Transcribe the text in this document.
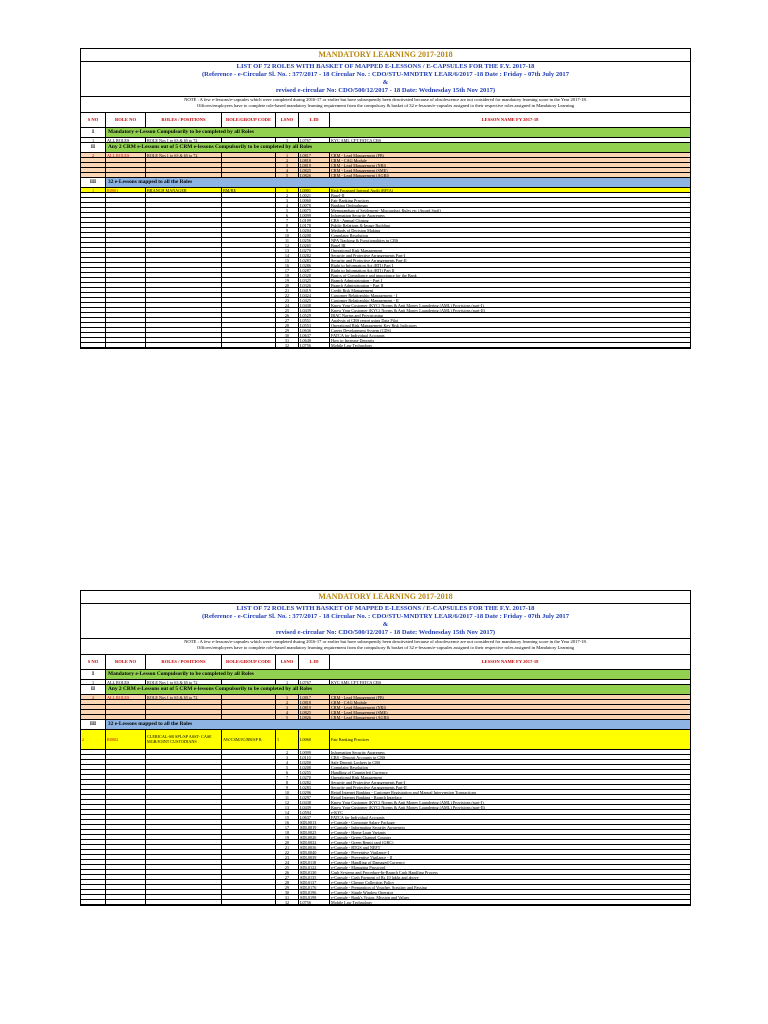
MANDATORY LEARNING 2017-2018
LIST OF 72 ROLES WITH BASKET OF MAPPED E-LESSONS / E-CAPSULES FOR THE F.Y. 2017-18
(Reference - e-Circular Sl. No. : 377/2017 - 18 Circular No. : CDO/STU-MNDTRY LEAR/6/2017 -18 Date : Friday - 07th July 2017
&
revised e-circular No: CDO/500/12/2017 - 18 Date: Wednesday 15th Nov 2017)
NOTE : A few e-lessons/e-capsules which were completed during 2016-17 or earlier but have subsequently been deactivated because of obsolescence are not considered for mandatory learning score in the Year 2017-18.
Officers/employees have to complete role-based mandatory learning requirement from the compulsory & basket of 32 e-lessons/e-capsules assigned to their respective roles assigned in Mandatory Learning
S NO	ROLE NO	ROLES / POSITIONS	ROLE/GROUP CODE	LSNO	L ID	LESSON NAME FY 2017-18
I	Mandatory e-Lesson Compulsorily to be completed by all Roles
1	ALL ROLES	ROLE Nos 1 to 63 & 65 to 72	1	L0767	KYC AML CFT FATCA CRS
II	Any 2 CRM e-Lessons out of 5 CRM e-lessons Compulsorily to be completed by all Roles
2	ALL ROLES	ROLE Nos 1 to 63 & 65 to 72	1	L0817	CRM - Lead Management (PB)
2	L0818	CRM - CAG Module
3	L0819	CRM - Lead Management (NRI)
4	L0825	CRM - Lead Management (SME)
5	L0826	CRM - Lead Management (AGRI)
III	32 e-Lessons mapped to all the Roles
1	R0001	BRANCH MANAGER	BM/BE	1	L0001	Risk Focussed Internal Audit (RFIA)
2	L0021	Basel-II
3	L0060	Fair Banking Practices
4	L0070	Banking Ombudsman
5	L0075	Memorandum of Settlement- Misconduct Rules etc (Award Staff)
6	L0099	Information Security Awareness
7	L0109	CBS - Annual Closing
8	L0178	Public Relations & Image Building
9	L0204	Methods of Decision Making
10	L0208	Complaint Resolution
11	L0256	NPA Tracking & Functionalities in CBS
12	L0265	Basel III
13	L0270	Operational Risk Management
14	L0282	Security and Protective Arrangements Part-I
15	L0283	Security and Protective Arrangements Part-II
16	L0286	Right to Information Act (RTI) Part I
17	L0287	Right to Information Act (RTI) Part II
18	L0320	Basics of Compliance and importance for the Bank
19	L0325	Branch Administration - Part I
20	L0326	Branch Administration - Part II
21	L0419	Credit Risk Management
22	L0424	Customer Relationship Management - I
23	L0425	Customer Relationship Management - II
24	L0438	Know Your Customer (KYC) Norms & Anti Money Laundering (AML) Provisions (part-I)
25	L0439	Know Your Customer (KYC) Norms & Anti Money Laundering (AML) Provisions (part-II)
26	L0529	IRAC Norms and Provisioning
27	L0551	Analysis of CBS report using Data Pilot
28	L0553	Operational Risk Management Key Risk Indicators
29	L0636	Career Development System (CDS)
30	L0637	FATCA for Individual Accounts
31	L0648	How to Increase Deposits
32	L0756	Mobile Law Technology
MANDATORY LEARNING 2017-2018
LIST OF 72 ROLES WITH BASKET OF MAPPED E-LESSONS / E-CAPSULES FOR THE F.Y. 2017-18
(Reference - e-Circular Sl. No. : 377/2017 - 18 Circular No. : CDO/STU-MNDTRY LEAR/6/2017 -18 Date : Friday - 07th July 2017
&
revised e-circular No: CDO/500/12/2017 - 18 Date: Wednesday 15th Nov 2017)
NOTE : A few e-lessons/e-capsules which were completed during 2016-17 or earlier but have subsequently been deactivated because of obsolescence are not considered for mandatory learning score in the Year 2017-18.
Officers/employees have to complete role-based mandatory learning requirement from the compulsory & basket of 32 e-lessons/e-capsules assigned to their respective roles assigned in Mandatory Learning
S NO	ROLE NO	ROLES / POSITIONS	ROLE/GROUP CODE	LSNO	L ID	LESSON NAME FY 2017-18
I	Mandatory e-Lesson Compulsorily to be completed by all Roles
1	ALL ROLES	ROLE Nos 1 to 63 & 65 to 72	1	L0767	KYC AML CFT FATCA CRS
II	Any 2 CRM e-Lessons out of 5 CRM e-lessons Compulsorily to be completed by all Roles
2	ALL ROLES	ROLE Nos 1 to 63 & 65 to 72	1	L0817	CRM - Lead Management (PB)
2	L0818	CRM - CAG Module
3	L0819	CRM - Lead Management (NRI)
4	L0825	CRM - Lead Management (SME)
5	L0826	CRM - Lead Management (AGRI)
III	32 e-Lessons mapped to all the Roles
2	R0002	CLERICAL-SR SPL/SP ASST- CASE MGR/JOINT CUSTODIANS	AW/CSM/JC/BR/SP B	1	L0060	Fair Banking Practices
2	L0099	Information Security Awareness
3	L0110	CBS - Deposit Accounts in CBS
4	L0200	Safe Deposit Lockers in CBS
5	L0208	Complaint Resolution
6	L0255	Handling of Counterfeit Currency
7	L0270	Operational Risk Management
8	L0282	Security and Protective Arrangements Part-I
9	L0283	Security and Protective Arrangements Part-II
10	L0296	Retail Internet Banking - Customer Registration and Manual Intervention Transactions
11	L0297	Retail Internet Banking - Branch Interface
12	L0438	Know Your Customer (KYC) Norms & Anti Money Laundering (AML) Provisions (part-I)
13	L0439	Know Your Customer (KYC) Norms & Anti Money Laundering (AML) Provisions (part-II)
14	L0594	e-KYC
15	L0637	FATCA for Individual Accounts
16	SDL0013	e-Capsule - Corporate Salary Package
17	SDL0019	e-Capsule - Information Security Awareness
18	SDL0025	e-Capsule - Home Loan Variants
19	SDL0026	e-Capsule - Green Channel Counter
20	SDL0032	e-Capsule - Green Remit card (GRC)
21	SDL0036	e-Capsule - RTGS and NEFT
22	SDL0040	e-Capsule - Preventive Vigilance-I
23	SDL0039	e-Capsule - Preventive Vigilance - II
24	SDL0118	e-Capsule - Handling of Damaged Currency
25	SDL0122	e-Capsule - Managing Password
26	SDL0130	Cash Systems and Procedure-In-Branch Cash Handling Process
27	SDL0135	e-Capsule - Cash Payment of Rs.10 lakhs and above
28	SDL0137	e-Capsule - Cheque Collection Policy
29	SDL0176	e-Capsule - Preparation of Voucher, Scrutiny and Passing
30	SDL0196	e-Capsule - Single Window Operator
31	SDL0198	e-Capsule - Bank's Vision, Mission and Values
32	L0756	Mobile Law Technology
